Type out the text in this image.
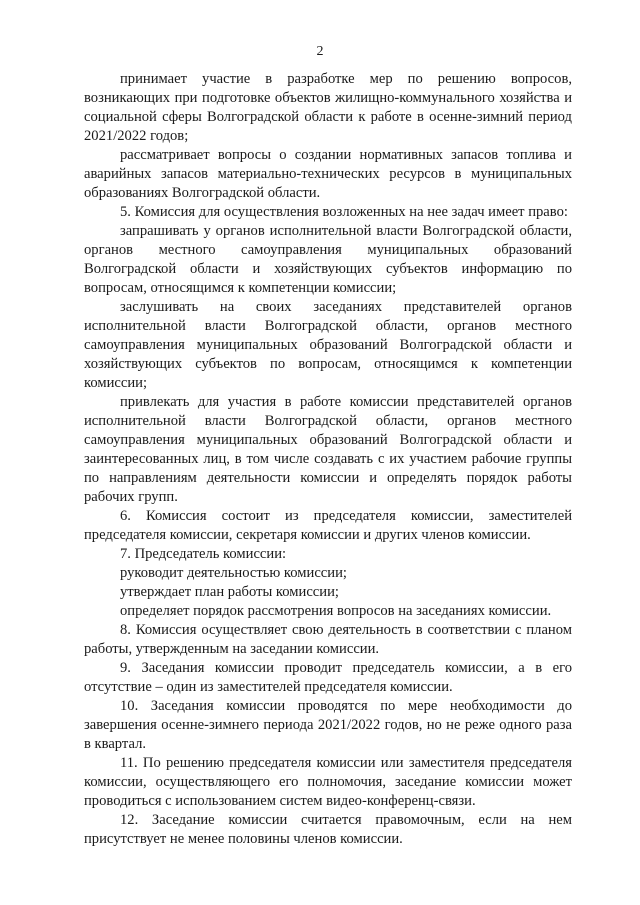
2

принимает участие в разработке мер по решению вопросов, возникающих при подготовке объектов жилищно-коммунального хозяйства и социальной сферы Волгоградской области к работе в осенне-зимний период 2021/2022 годов;

рассматривает вопросы о создании нормативных запасов топлива и аварийных запасов материально-технических ресурсов в муниципальных образованиях Волгоградской области.

5. Комиссия для осуществления возложенных на нее задач имеет право:

запрашивать у органов исполнительной власти Волгоградской области, органов местного самоуправления муниципальных образований Волгоградской области и хозяйствующих субъектов информацию по вопросам, относящимся к компетенции комиссии;

заслушивать на своих заседаниях представителей органов исполнительной власти Волгоградской области, органов местного самоуправления муниципальных образований Волгоградской области и хозяйствующих субъектов по вопросам, относящимся к компетенции комиссии;

привлекать для участия в работе комиссии представителей органов исполнительной власти Волгоградской области, органов местного самоуправления муниципальных образований Волгоградской области и заинтересованных лиц, в том числе создавать с их участием рабочие группы по направлениям деятельности комиссии и определять порядок работы рабочих групп.

6. Комиссия состоит из председателя комиссии, заместителей председателя комиссии, секретаря комиссии и других членов комиссии.

7. Председатель комиссии:

руководит деятельностью комиссии;

утверждает план работы комиссии;

определяет порядок рассмотрения вопросов на заседаниях комиссии.

8. Комиссия осуществляет свою деятельность в соответствии с планом работы, утвержденным на заседании комиссии.

9. Заседания комиссии проводит председатель комиссии, а в его отсутствие – один из заместителей председателя комиссии.

10. Заседания комиссии проводятся по мере необходимости до завершения осенне-зимнего периода 2021/2022 годов, но не реже одного раза в квартал.

11. По решению председателя комиссии или заместителя председателя комиссии, осуществляющего его полномочия, заседание комиссии может проводиться с использованием систем видео-конференц-связи.

12. Заседание комиссии считается правомочным, если на нем присутствует не менее половины членов комиссии.
